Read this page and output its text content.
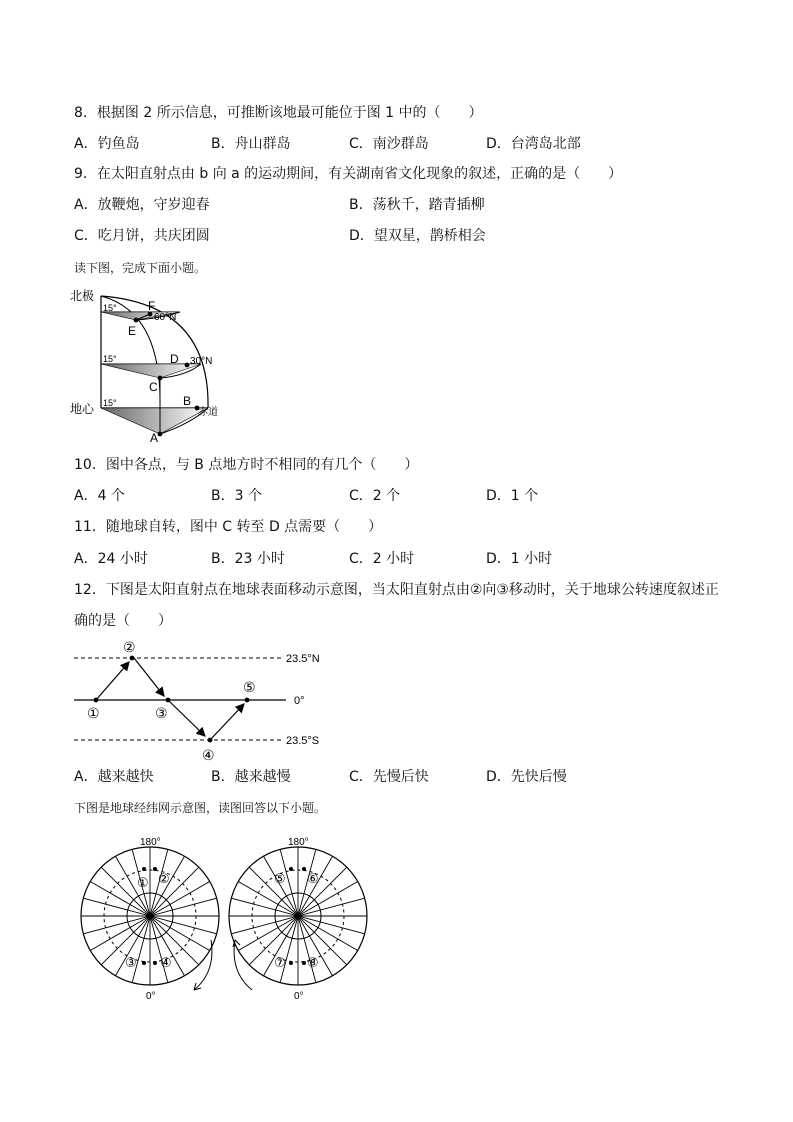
8．根据图 2 所示信息，可推断该地最可能位于图 1 中的（　　）
A．钓鱼岛	B．舟山群岛	C．南沙群岛	D．台湾岛北部
9．在太阳直射点由 b 向 a 的运动期间，有关湖南省文化现象的叙述，正确的是（　　）
A．放鞭炮，守岁迎春	B．荡秋千，踏青插柳
C．吃月饼，共庆团圆	D．望双星，鹊桥相会
读下图，完成下面小题。
北极
地心	赤道
60°N
30°N
15°
15°
15°
F
E
D
C
B
A
10．图中各点，与 B 点地方时不相同的有几个（　　）
A．4 个	B．3 个	C．2 个	D．1 个
11．随地球自转，图中 C 转至 D 点需要（　　）
A．24 小时	B．23 小时	C．2 小时	D．1 小时
12．下图是太阳直射点在地球表面移动示意图，当太阳直射点由②向③移动时，关于地球公转速度叙述正
确的是（　　）
①
②
③
④
⑤
23.5°N
0°
23.5°S
A．越来越快	B．越来越慢	C．先慢后快	D．先快后慢
下图是地球经纬网示意图，读图回答以下小题。
180°
0°
① ②
③ ④
180°
0°
⑤ ⑥
⑦ ⑧
